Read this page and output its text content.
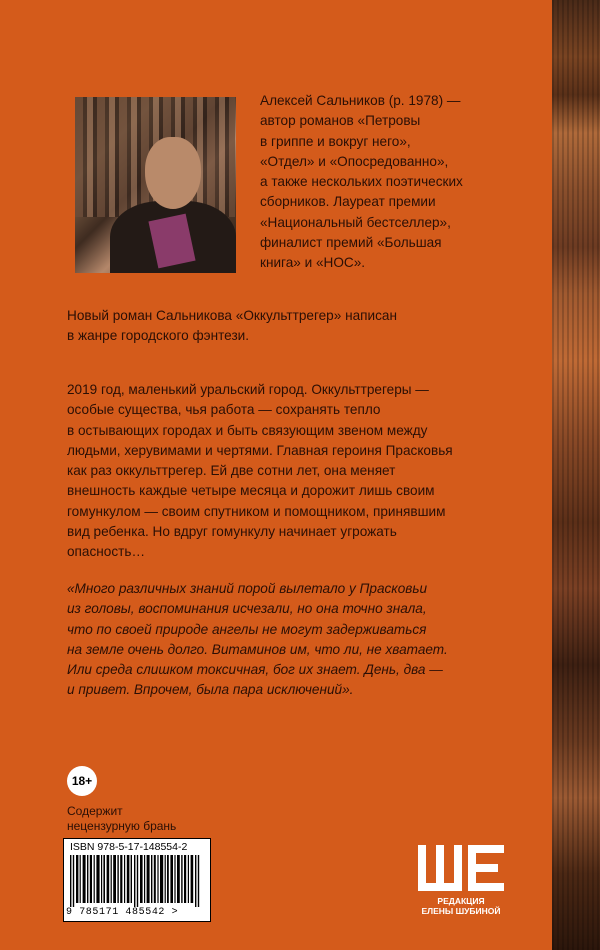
Алексей Сальников (р. 1978) —
автор романов «Петровы
в гриппе и вокруг него»,
«Отдел» и «Опосредованно»,
а также нескольких поэтических
сборников. Лауреат премии
«Национальный бестселлер»,
финалист премий «Большая
книга» и «НОС».
Новый роман Сальникова «Оккульттрегер» написан
в жанре городского фэнтези.
2019 год, маленький уральский город. Оккульттрегеры —
особые существа, чья работа — сохранять тепло
в остывающих городах и быть связующим звеном между
людьми, херувимами и чертями. Главная героиня Прасковья
как раз оккульттрегер. Ей две сотни лет, она меняет
внешность каждые четыре месяца и дорожит лишь своим
гомункулом — своим спутником и помощником, принявшим
вид ребенка. Но вдруг гомункулу начинает угрожать
опасность…
«Много различных знаний порой вылетало у Прасковьи
из головы, воспоминания исчезали, но она точно знала,
что по своей природе ангелы не могут задерживаться
на земле очень долго. Витаминов им, что ли, не хватает.
Или среда слишком токсичная, бог их знает. День, два —
и привет. Впрочем, была пара исключений».
18+
Содержит
нецензурную брань
ISBN 978-5-17-148554-2
9 785171 485542 >
РЕДАКЦИЯ
ЕЛЕНЫ ШУБИНОЙ
